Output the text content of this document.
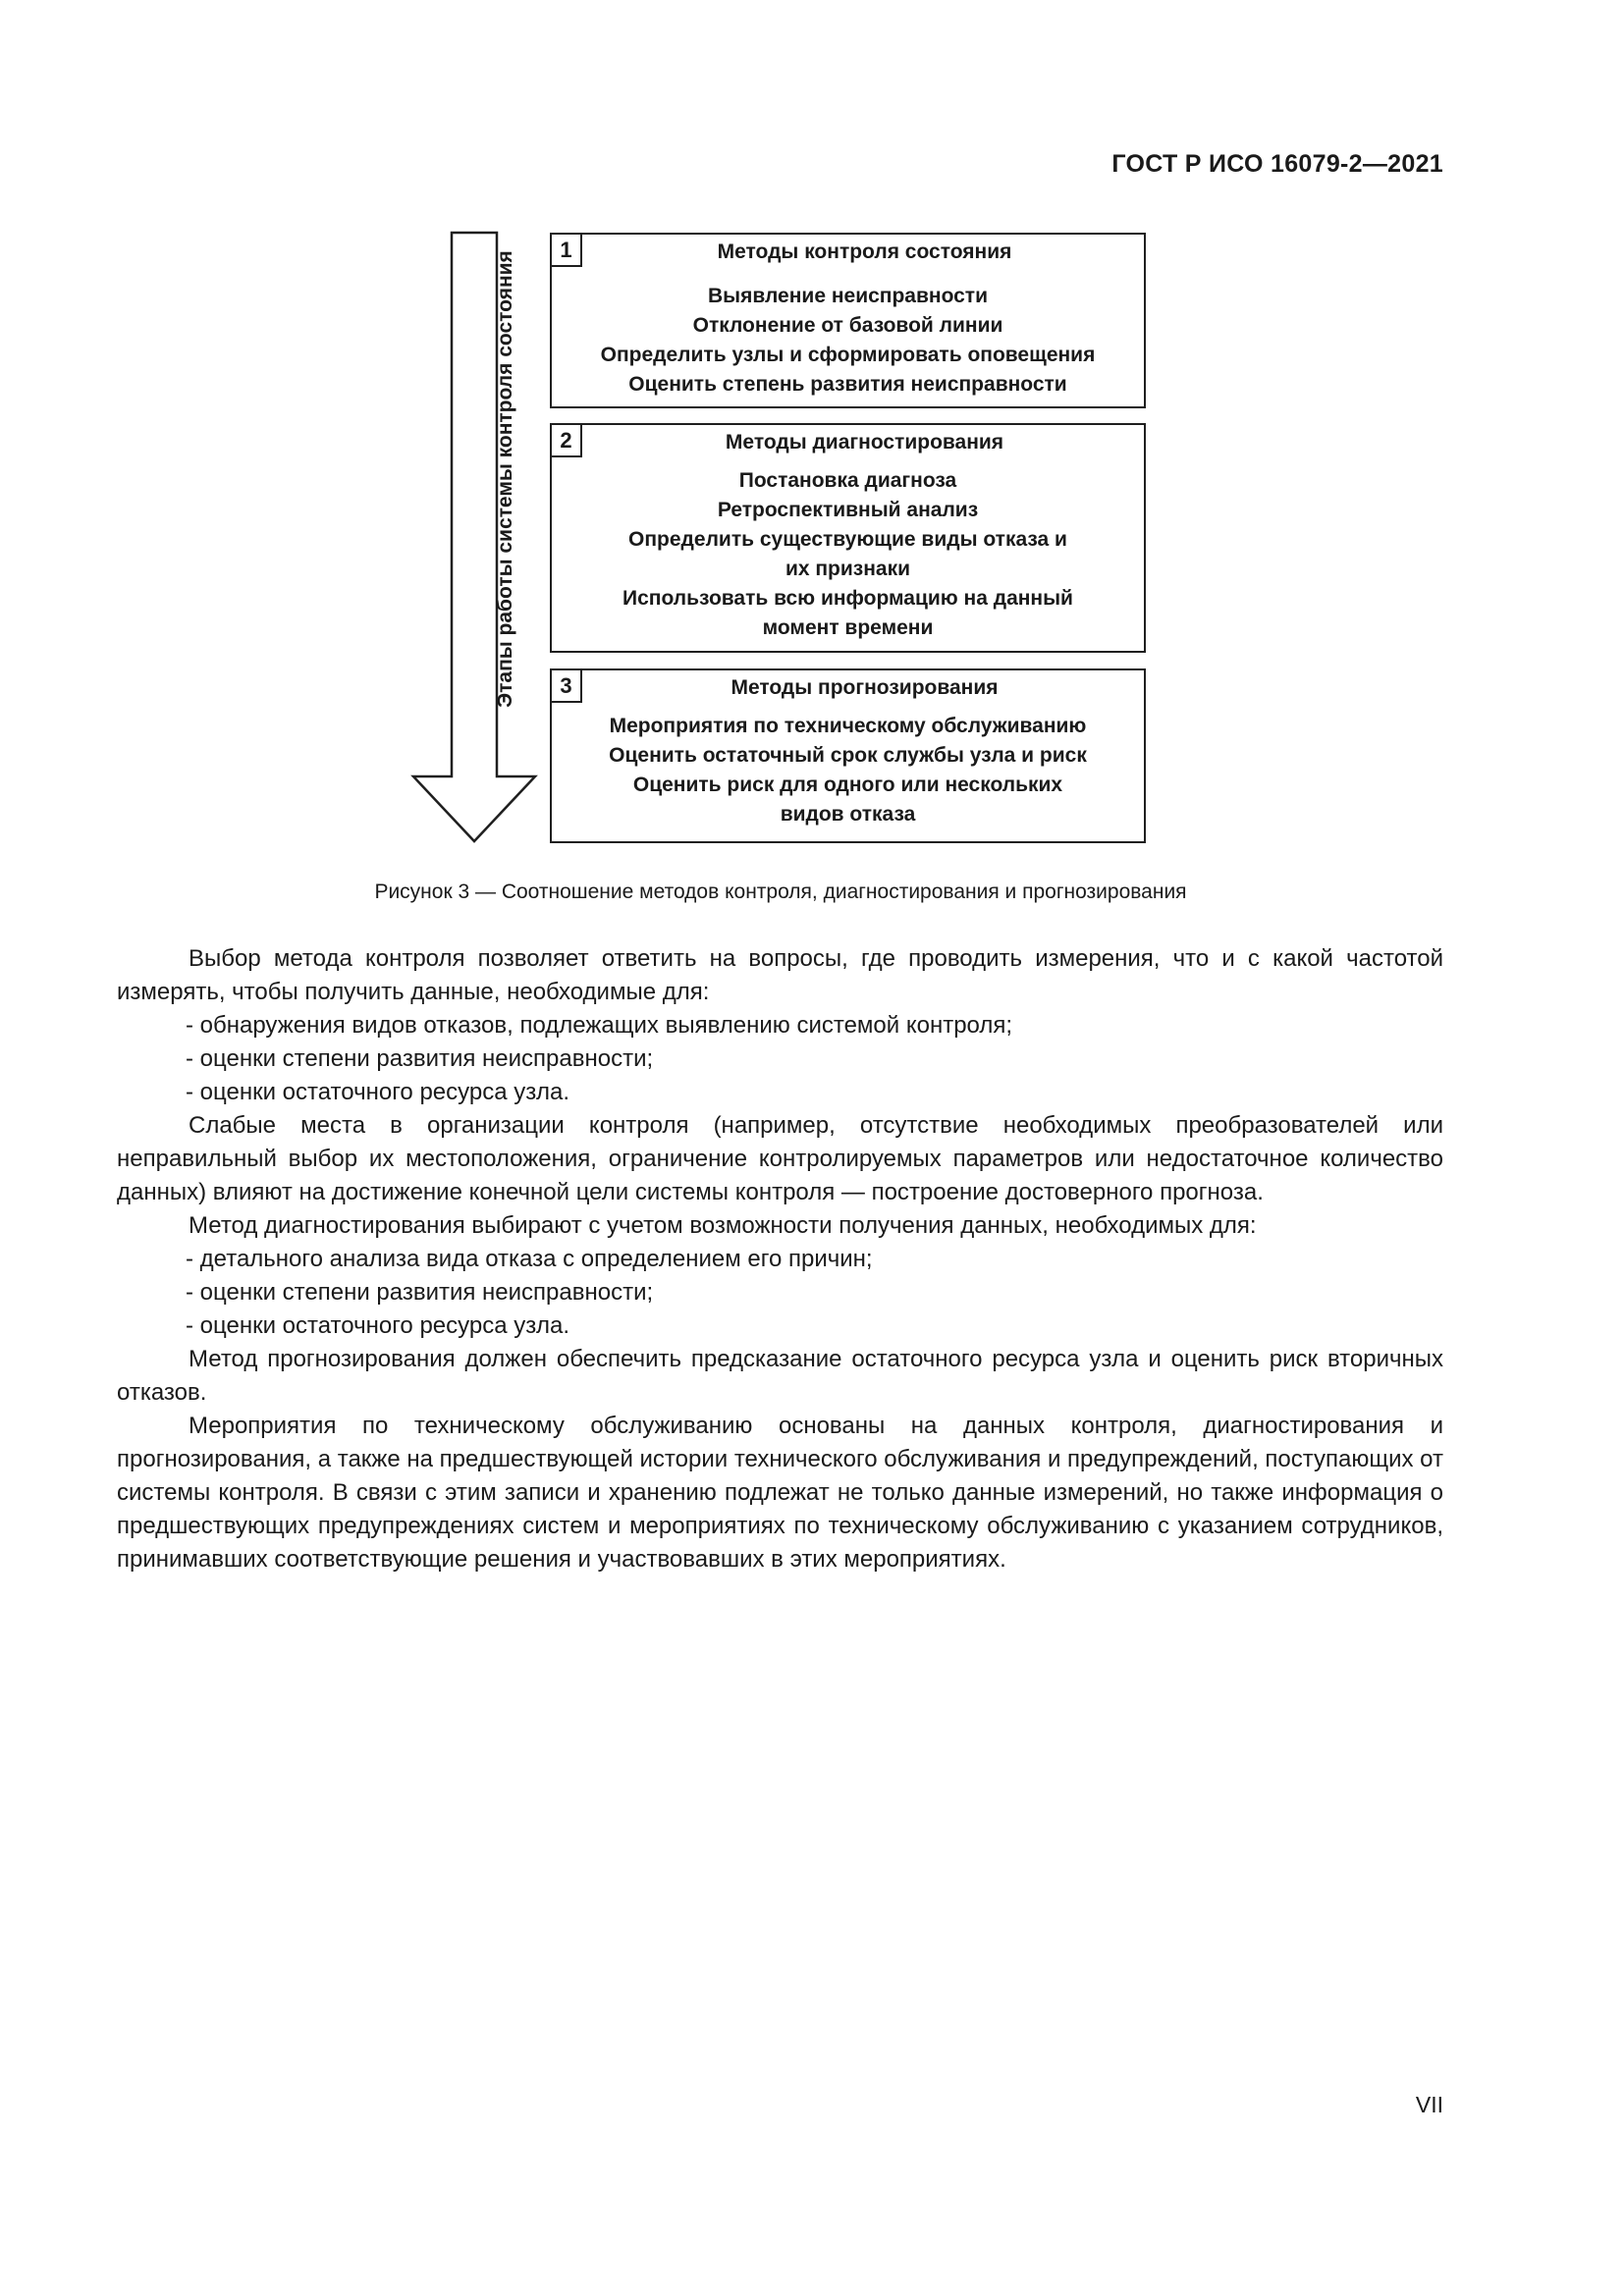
ГОСТ Р ИСО 16079-2—2021
Этапы работы системы контроля состояния
1	Методы контроля состояния
Выявление неисправности
Отклонение от базовой линии
Определить узлы и сформировать оповещения
Оценить степень развития неисправности
2	Методы диагностирования
Постановка диагноза
Ретроспективный анализ
Определить существующие виды отказа и
их признаки
Использовать всю информацию на данный
момент времени
3	Методы прогнозирования
Мероприятия по техническому обслуживанию
Оценить остаточный срок службы узла и риск
Оценить риск для одного или нескольких
видов отказа
Рисунок 3 — Соотношение методов контроля, диагностирования и прогнозирования

Выбор метода контроля позволяет ответить на вопросы, где проводить измерения, что и с какой частотой измерять, чтобы получить данные, необходимые для:

- обнаружения видов отказов, подлежащих выявлению системой контроля;

- оценки степени развития неисправности;

- оценки остаточного ресурса узла.

Слабые места в организации контроля (например, отсутствие необходимых преобразователей или неправильный выбор их местоположения, ограничение контролируемых параметров или недостаточное количество данных) влияют на достижение конечной цели системы контроля — построение достоверного прогноза.

Метод диагностирования выбирают с учетом возможности получения данных, необходимых для:

- детального анализа вида отказа с определением его причин;

- оценки степени развития неисправности;

- оценки остаточного ресурса узла.

Метод прогнозирования должен обеспечить предсказание остаточного ресурса узла и оценить риск вторичных отказов.

Мероприятия по техническому обслуживанию основаны на данных контроля, диагностирования и прогнозирования, а также на предшествующей истории технического обслуживания и предупреждений, поступающих от системы контроля. В связи с этим записи и хранению подлежат не только данные измерений, но также информация о предшествующих предупреждениях систем и мероприятиях по техническому обслуживанию с указанием сотрудников, принимавших соответствующие решения и участвовавших в этих мероприятиях.

VII
